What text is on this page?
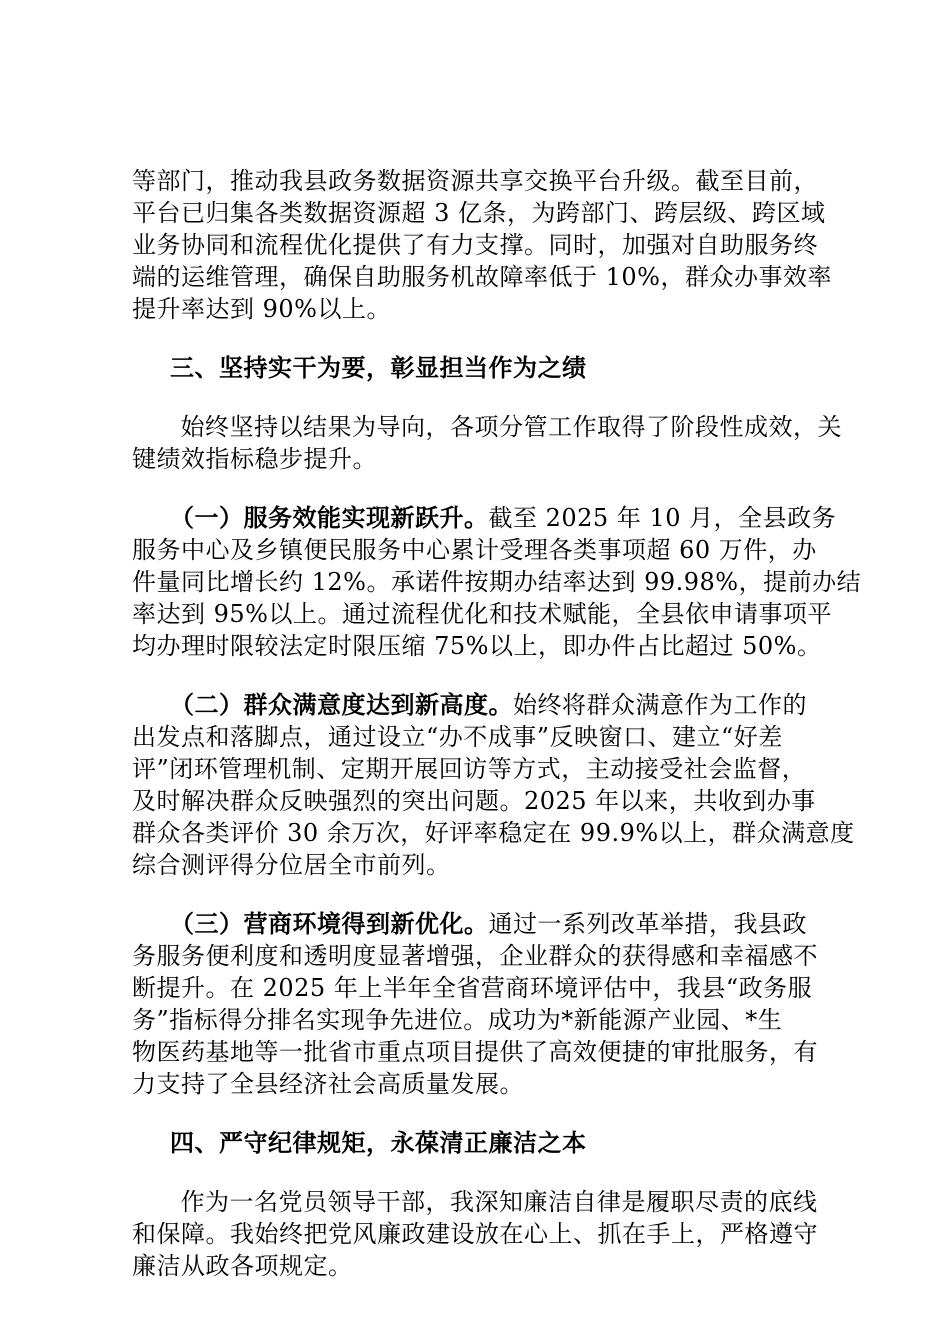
等部门，推动我县政务数据资源共享交换平台升级。截至目前，
平台已归集各类数据资源超 3 亿条，为跨部门、跨层级、跨区域
业务协同和流程优化提供了有力支撑。同时，加强对自助服务终
端的运维管理，确保自助服务机故障率低于 10%，群众办事效率
提升率达到 90%以上。
三、坚持实干为要，彰显担当作为之绩
　始终坚持以结果为导向，各项分管工作取得了阶段性成效，关
键绩效指标稳步提升。
（一）服务效能实现新跃升。截至 2025 年 10 月，全县政务
服务中心及乡镇便民服务中心累计受理各类事项超 60 万件，办
件量同比增长约 12%。承诺件按期办结率达到 99.98%，提前办结
率达到 95%以上。通过流程优化和技术赋能，全县依申请事项平
均办理时限较法定时限压缩 75%以上，即办件占比超过 50%。
（二）群众满意度达到新高度。始终将群众满意作为工作的
出发点和落脚点，通过设立“办不成事”反映窗口、建立“好差
评”闭环管理机制、定期开展回访等方式，主动接受社会监督，
及时解决群众反映强烈的突出问题。2025 年以来，共收到办事
群众各类评价 30 余万次，好评率稳定在 99.9%以上，群众满意度
综合测评得分位居全市前列。
（三）营商环境得到新优化。通过一系列改革举措，我县政
务服务便利度和透明度显著增强，企业群众的获得感和幸福感不
断提升。在 2025 年上半年全省营商环境评估中，我县“政务服
务”指标得分排名实现争先进位。成功为*新能源产业园、*生
物医药基地等一批省市重点项目提供了高效便捷的审批服务，有
力支持了全县经济社会高质量发展。
四、严守纪律规矩，永葆清正廉洁之本
　作为一名党员领导干部，我深知廉洁自律是履职尽责的底线
和保障。我始终把党风廉政建设放在心上、抓在手上，严格遵守
廉洁从政各项规定。
